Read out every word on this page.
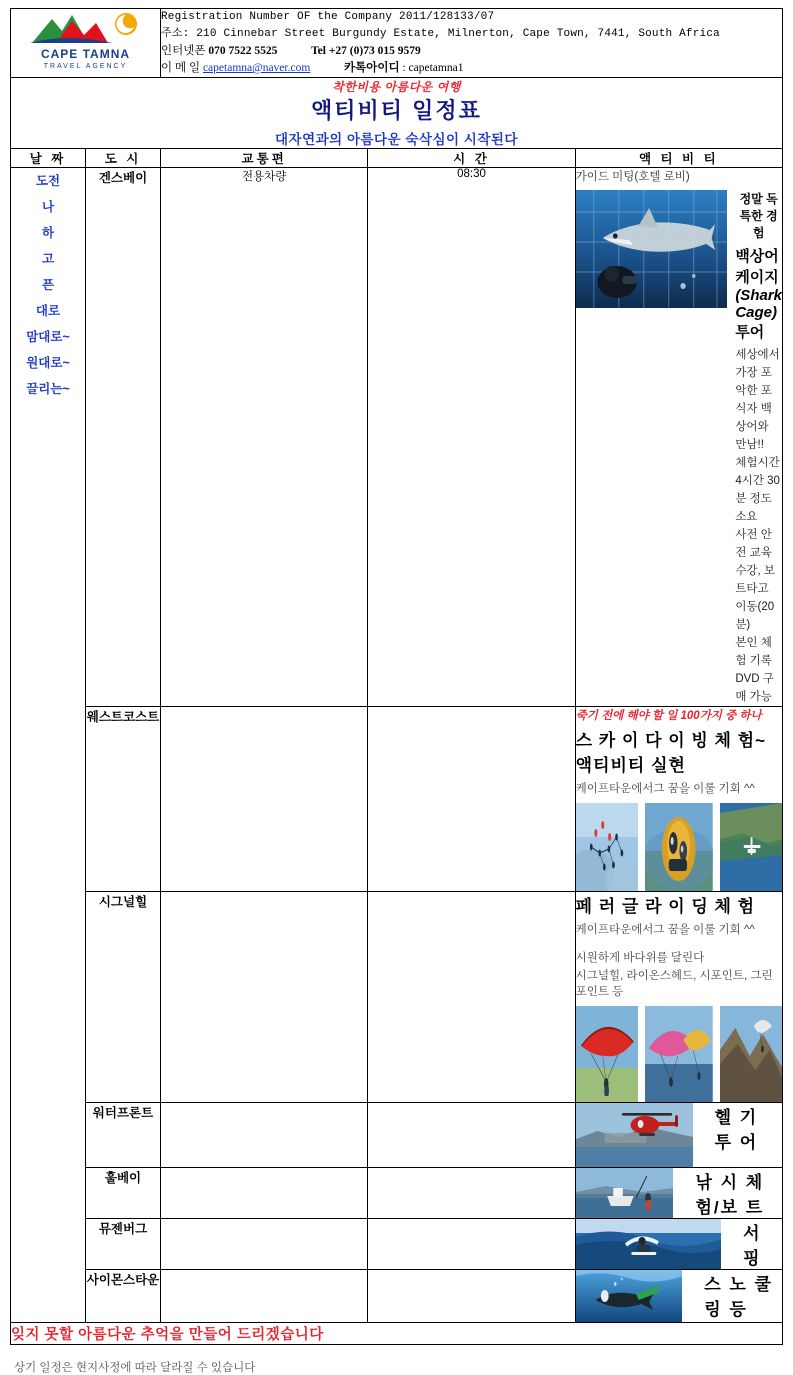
CAPE TAMNA
TRAVEL AGENCY

Registration Number OF the Company 2011/128133/07
주소: 210 Cinnebar Street Burgundy Estate, Milnerton, Cape Town, 7441, South Africa
인터넷폰 070 7522 5525	Tel +27 (0)73 015 9579
이 메 일 capetamna@naver.com	카톡아이디 : capetamna1

착한비용 아름다운 여행
액티비티 일정표
대자연과의 아름다운 숙삭심이 시작된다				

날 짜	도 시	교통편	시 간	액 티 비 티

도전
나
하
고
픈
대로
맘대로~
원대로~
끌리는~
	겐스베이	전용차량	08:30	가이드 미팅(호텔 로비)
정말 독특한 경험
백상어 케이지(Shark Cage) 투어
세상에서 가장 포악한 포식자 백상어와 만남!!
체험시간 4시간 30분 정도 소요
사전 안전 교육 수강, 보트타고 이동(20분)
본인 체험 기록 DVD 구매 가능

	웨스트코스트			죽기 전에 해야 할 일 100가지 중 하나
스 카 이 다 이 빙 체 험~ 액티비티 실현
케이프타운에서그 꿈을 이룰 기회 ^^

	시그널힐			페 러 글 라 이 딩 체 험
케이프타운에서그 꿈을 이룰 기회 ^^
시원하게 바다위를 달린다
시그널힐, 라이온스헤드, 시포인트, 그린포인트 등

	워터프론트			헬 기 투 어

	훌베이			낚 시 체 험/보 트

	뮤젠버그			서 핑

	사이몬스타운			스 노 쿨 링 등

잊지 못할 아름다운 추억을 만들어 드리겠습니다				
상기 일정은 현지사정에 따라 달라질 수 있습니다
